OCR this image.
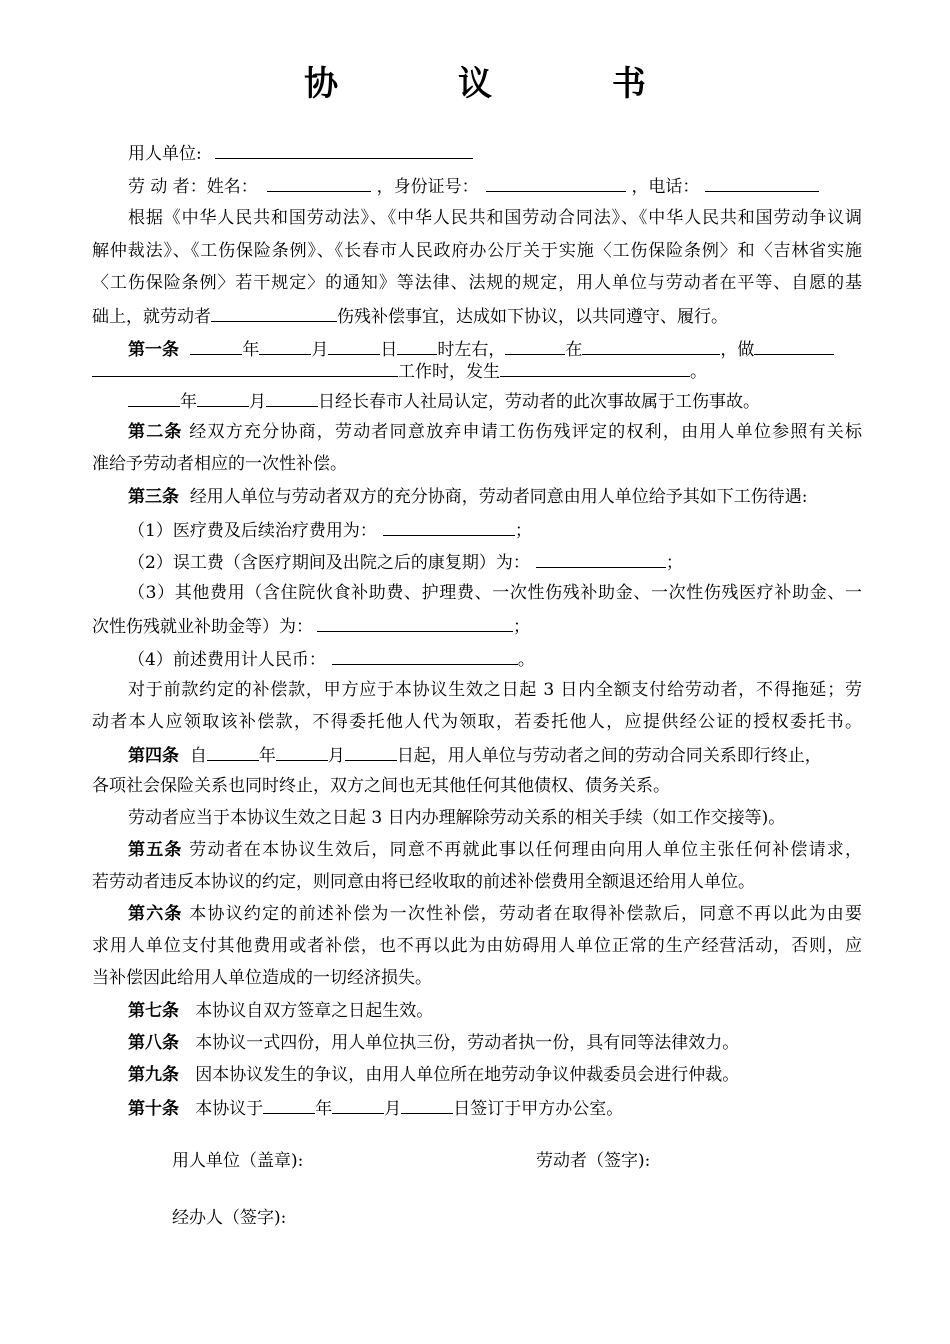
协 议 书
用人单位:
劳 动 者：姓名：	，身份证号：	，电话：
根据《中华人民共和国劳动法》、《中华人民共和国劳动合同法》、《中华人民共和国劳动争议调
解仲裁法》、《工伤保险条例》、《长春市人民政府办公厅关于实施〈工伤保险条例〉和〈吉林省实施
〈工伤保险条例〉若干规定〉的通知》等法律、法规的规定，用人单位与劳动者在平等、自愿的基
础上，就劳动者	伤残补偿事宜，达成如下协议，以共同遵守、履行。
第一条	年	月	日 时左右，	在	，做
工作时，发生	。
年	月	日经长春市人社局认定，劳动者的此次事故属于工伤事故。
第二条 经双方充分协商，劳动者同意放弃申请工伤伤残评定的权利，由用人单位参照有关标
准给予劳动者相应的一次性补偿。
第三条 经用人单位与劳动者双方的充分协商，劳动者同意由用人单位给予其如下工伤待遇:
（1）医疗费及后续治疗费用为：	；
（2）误工费（含医疗期间及出院之后的康复期）为：	；
（3）其他费用（含住院伙食补助费、护理费、一次性伤残补助金、一次性伤残医疗补助金、一
次性伤残就业补助金等）为：	；
（4）前述费用计人民币：	。
对于前款约定的补偿款，甲方应于本协议生效之日起 3 日内全额支付给劳动者，不得拖延；劳
动者本人应领取该补偿款，不得委托他人代为领取，若委托他人，应提供经公证的授权委托书。
第四条 自	年	月	日起，用人单位与劳动者之间的劳动合同关系即行终止，
各项社会保险关系也同时终止，双方之间也无其他任何其他债权、债务关系。
劳动者应当于本协议生效之日起 3 日内办理解除劳动关系的相关手续（如工作交接等)。
第五条 劳动者在本协议生效后，同意不再就此事以任何理由向用人单位主张任何补偿请求，
若劳动者违反本协议的约定，则同意由将已经收取的前述补偿费用全额退还给用人单位。
第六条 本协议约定的前述补偿为一次性补偿，劳动者在取得补偿款后，同意不再以此为由要
求用人单位支付其他费用或者补偿，也不再以此为由妨碍用人单位正常的生产经营活动，否则，应
当补偿因此给用人单位造成的一切经济损失。
第七条 本协议自双方签章之日起生效。
第八条 本协议一式四份，用人单位执三份，劳动者执一份，具有同等法律效力。
第九条 因本协议发生的争议，由用人单位所在地劳动争议仲裁委员会进行仲裁。
第十条 本协议于	年	月	日签订于甲方办公室。
用人单位（盖章):	劳动者（签字):
经办人（签字):
